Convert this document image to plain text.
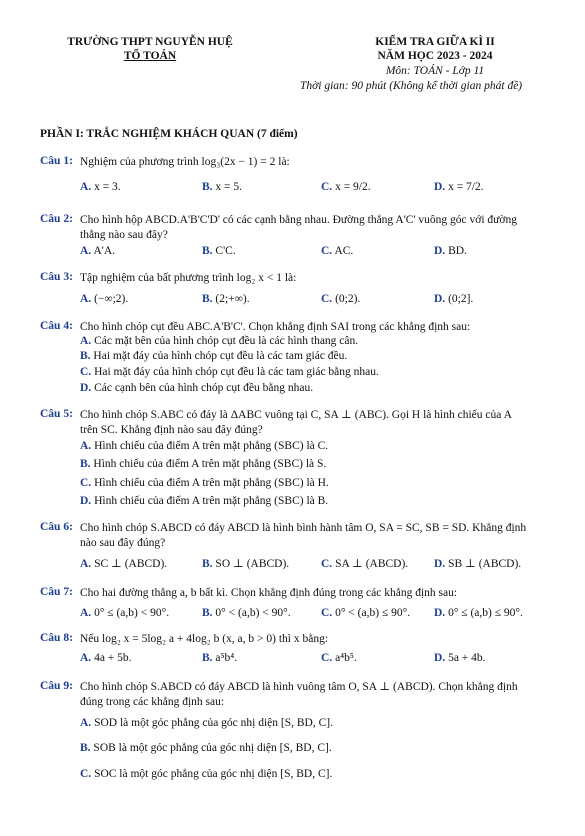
TRƯỜNG THPT NGUYỄN HUỆ
TỔ TOÁN
KIỂM TRA GIỮA KÌ II
NĂM HỌC 2023 - 2024
Môn: TOÁN - Lớp 11
Thời gian: 90 phút (Không kể thời gian phát đề)
PHẦN I: TRẮC NGHIỆM KHÁCH QUAN (7 điểm)
Câu 1: Nghiệm của phương trình log₃(2x − 1) = 2 là:
A. x = 3.	B. x = 5.	C. x = 9/2.	D. x = 7/2.
Câu 2: Cho hình hộp ABCD.A'B'C'D' có các cạnh bằng nhau. Đường thẳng A'C' vuông góc với đường
thẳng nào sau đây?
A. A'A.	B. C'C.	C. AC.	D. BD.
Câu 3: Tập nghiệm của bất phương trình log₂ x < 1 là:
A. (−∞;2).	B. (2;+∞).	C. (0;2).	D. (0;2].
Câu 4: Cho hình chóp cụt đều ABC.A'B'C'. Chọn khẳng định SAI trong các khẳng định sau:
A. Các mặt bên của hình chóp cụt đều là các hình thang cân.
B. Hai mặt đáy của hình chóp cụt đều là các tam giác đều.
C. Hai mặt đáy của hình chóp cụt đều là các tam giác bằng nhau.
D. Các cạnh bên của hình chóp cụt đều bằng nhau.
Câu 5: Cho hình chóp S.ABC có đáy là ΔABC vuông tại C, SA ⊥ (ABC). Gọi H là hình chiếu của A
trên SC. Khẳng định nào sau đây đúng?
A. Hình chiếu của điểm A trên mặt phẳng (SBC) là C.
B. Hình chiếu của điểm A trên mặt phẳng (SBC) là S.
C. Hình chiếu của điểm A trên mặt phẳng (SBC) là H.
D. Hình chiếu của điểm A trên mặt phẳng (SBC) là B.
Câu 6: Cho hình chóp S.ABCD có đáy ABCD là hình bình hành tâm O, SA = SC, SB = SD. Khẳng định
nào sau đây đúng?
A. SC ⊥ (ABCD).	B. SO ⊥ (ABCD).	C. SA ⊥ (ABCD). D. SB ⊥ (ABCD).
Câu 7: Cho hai đường thẳng a, b bất kì. Chọn khẳng định đúng trong các khẳng định sau:
A. 0° ≤ (a,b) < 90°.	B. 0° < (a,b) < 90°.	C. 0° < (a,b) ≤ 90°. D. 0° ≤ (a,b) ≤ 90°.
Câu 8: Nếu log₂ x = 5log₂ a + 4log₂ b (x, a, b > 0) thì x bằng:
A. 4a + 5b.	B. a⁵b⁴.	C. a⁴b⁵.	D. 5a + 4b.
Câu 9: Cho hình chóp S.ABCD có đáy ABCD là hình vuông tâm O, SA ⊥ (ABCD). Chọn khẳng định
đúng trong các khẳng định sau:
A. SOD là một góc phẳng của góc nhị diện [S, BD, C].
B. SOB là một góc phẳng của góc nhị diện [S, BD, C].
C. SOC là một góc phẳng của góc nhị diện [S, BD, C].
